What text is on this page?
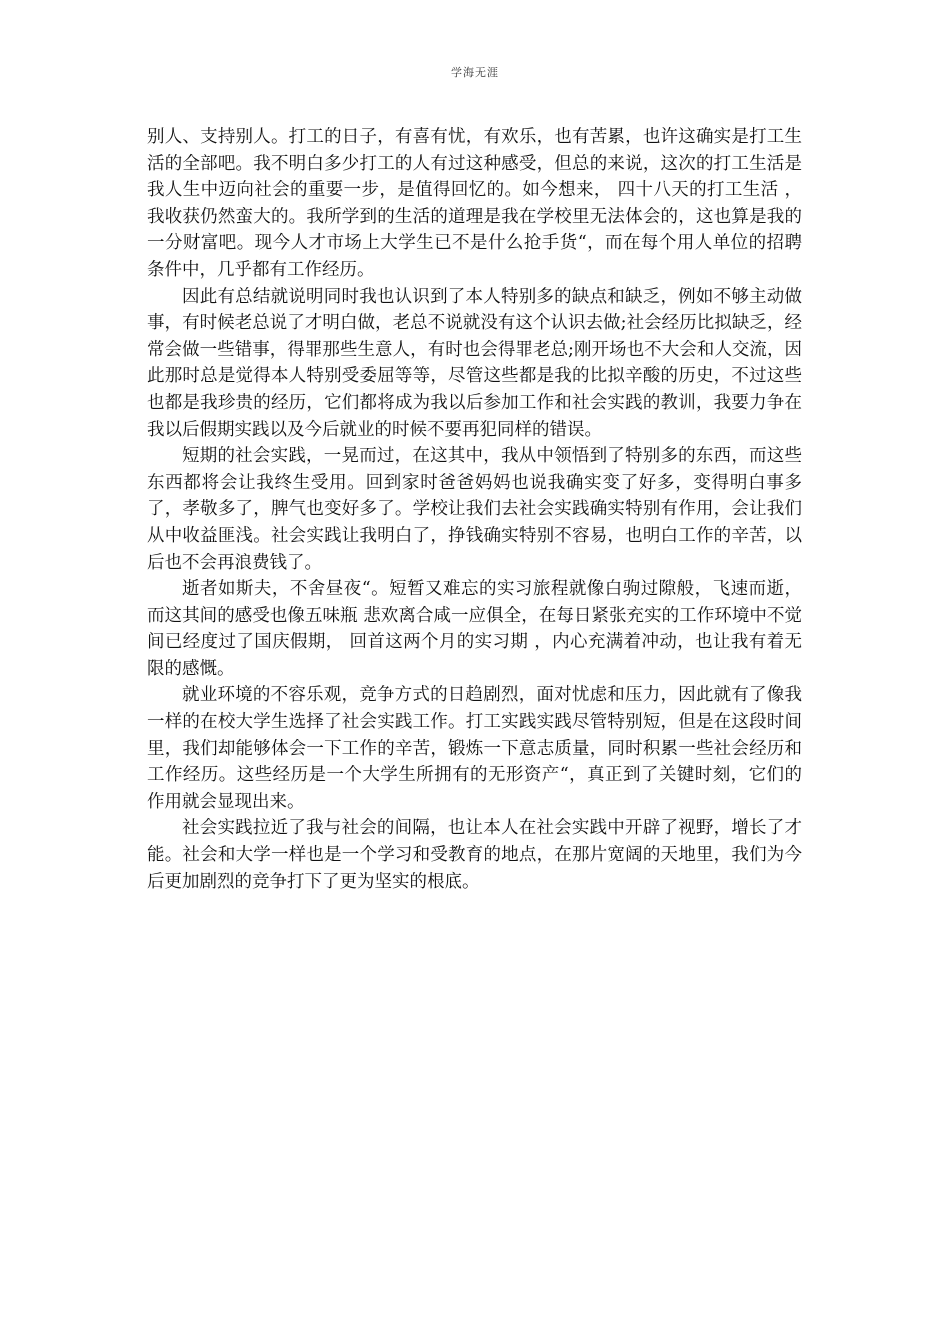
学海无涯

别人、支持别人。打工的日子，有喜有忧，有欢乐，也有苦累，也许这确实是打工生活的全部吧。我不明白多少打工的人有过这种感受，但总的来说，这次的打工生活是我人生中迈向社会的重要一步，是值得回忆的。如今想来， 四十八天的打工生活 ，我收获仍然蛮大的。我所学到的生活的道理是我在学校里无法体会的，这也算是我的一分财富吧。现今人才市场上大学生已不是什么抢手货“，而在每个用人单位的招聘条件中，几乎都有工作经历。

因此有总结就说明同时我也认识到了本人特别多的缺点和缺乏，例如不够主动做事，有时候老总说了才明白做，老总不说就没有这个认识去做;社会经历比拟缺乏，经常会做一些错事，得罪那些生意人，有时也会得罪老总;刚开场也不大会和人交流，因此那时总是觉得本人特别受委屈等等，尽管这些都是我的比拟辛酸的历史，不过这些也都是我珍贵的经历，它们都将成为我以后参加工作和社会实践的教训，我要力争在我以后假期实践以及今后就业的时候不要再犯同样的错误。

短期的社会实践，一晃而过，在这其中，我从中领悟到了特别多的东西，而这些东西都将会让我终生受用。回到家时爸爸妈妈也说我确实变了好多，变得明白事多了，孝敬多了，脾气也变好多了。学校让我们去社会实践确实特别有作用，会让我们从中收益匪浅。社会实践让我明白了，挣钱确实特别不容易，也明白工作的辛苦，以后也不会再浪费钱了。

逝者如斯夫，不舍昼夜“。短暂又难忘的实习旅程就像白驹过隙般，飞速而逝，而这其间的感受也像五味瓶 悲欢离合咸一应俱全，在每日紧张充实的工作环境中不觉间已经度过了国庆假期， 回首这两个月的实习期 ，内心充满着冲动，也让我有着无限的感慨。

就业环境的不容乐观，竞争方式的日趋剧烈，面对忧虑和压力，因此就有了像我一样的在校大学生选择了社会实践工作。打工实践实践尽管特别短，但是在这段时间里，我们却能够体会一下工作的辛苦，锻炼一下意志质量，同时积累一些社会经历和工作经历。这些经历是一个大学生所拥有的无形资产“，真正到了关键时刻，它们的作用就会显现出来。

社会实践拉近了我与社会的间隔，也让本人在社会实践中开辟了视野，增长了才能。社会和大学一样也是一个学习和受教育的地点，在那片宽阔的天地里，我们为今后更加剧烈的竞争打下了更为坚实的根底。
